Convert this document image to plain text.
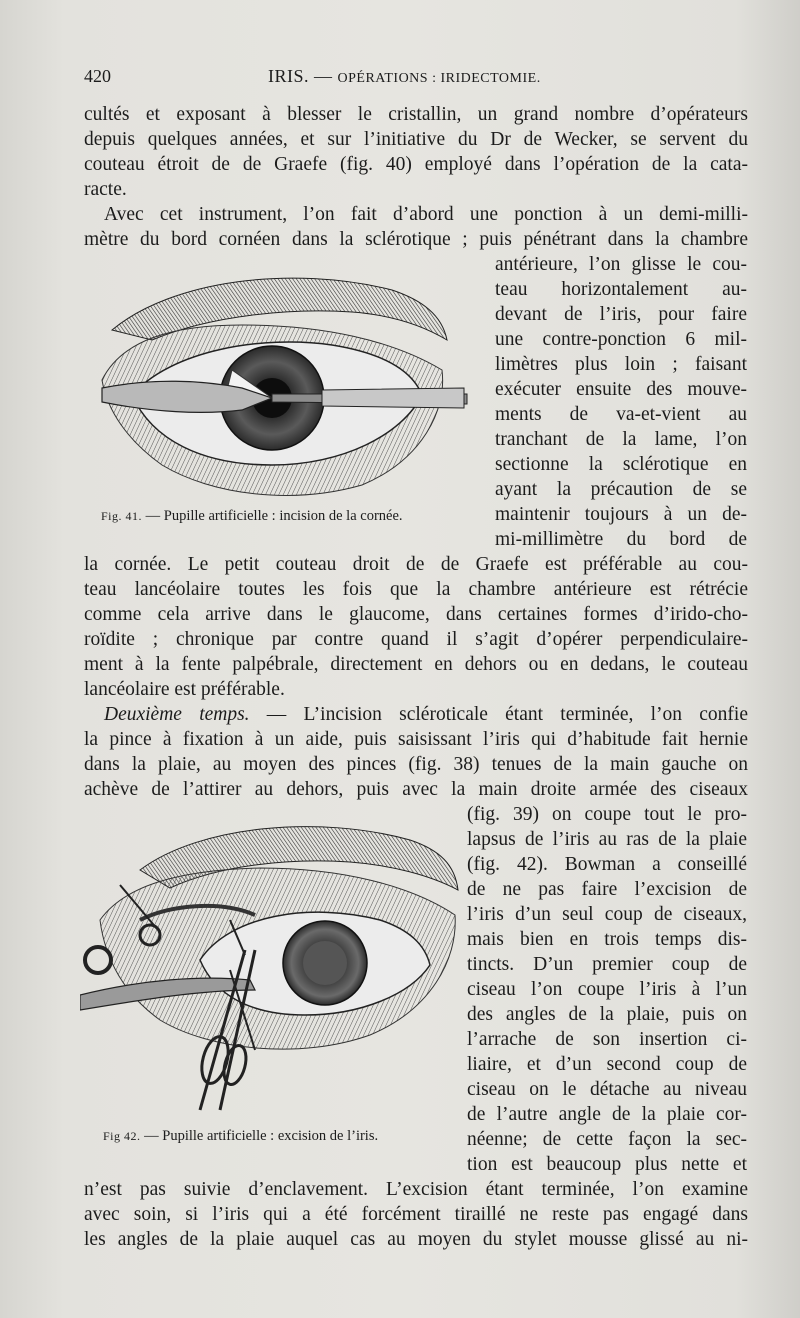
420	IRIS. — OPÉRATIONS : IRIDECTOMIE.
cultés et exposant à blesser le cristallin, un grand nombre d’opérateurs
depuis quelques années, et sur l’initiative du Dr de Wecker, se servent du
couteau étroit de de Graefe (fig. 40) employé dans l’opération de la cata-
racte.
Avec cet instrument, l’on fait d’abord une ponction à un demi-milli-
mètre du bord cornéen dans la sclérotique ; puis pénétrant dans la chambre
Fig. 41. — Pupille artificielle : incision de la cornée.
antérieure, l’on glisse le cou-
teau horizontalement au-
devant de l’iris, pour faire
une contre-ponction 6 mil-
limètres plus loin ; faisant
exécuter ensuite des mouve-
ments de va-et-vient au
tranchant de la lame, l’on
sectionne la sclérotique en
ayant la précaution de se
maintenir toujours à un de-
mi-millimètre du bord de
la cornée. Le petit couteau droit de de Graefe est préférable au cou-
teau lancéolaire toutes les fois que la chambre antérieure est rétrécie
comme cela arrive dans le glaucome, dans certaines formes d’irido-cho-
roïdite ; chronique par contre quand il s’agit d’opérer perpendiculaire-
ment à la fente palpébrale, directement en dehors ou en dedans, le couteau
lancéolaire est préférable.
Deuxième temps. — L’incision scléroticale étant terminée, l’on confie
la pince à fixation à un aide, puis saisissant l’iris qui d’habitude fait hernie
dans la plaie, au moyen des pinces (fig. 38) tenues de la main gauche on
achève de l’attirer au dehors, puis avec la main droite armée des ciseaux
Fig 42. — Pupille artificielle : excision de l’iris.
(fig. 39) on coupe tout le pro-
lapsus de l’iris au ras de la plaie
(fig. 42). Bowman a conseillé
de ne pas faire l’excision de
l’iris d’un seul coup de ciseaux,
mais bien en trois temps dis-
tincts. D’un premier coup de
ciseau l’on coupe l’iris à l’un
des angles de la plaie, puis on
l’arrache de son insertion ci-
liaire, et d’un second coup de
ciseau on le détache au niveau
de l’autre angle de la plaie cor-
néenne; de cette façon la sec-
tion est beaucoup plus nette et
n’est pas suivie d’enclavement. L’excision étant terminée, l’on examine
avec soin, si l’iris qui a été forcément tiraillé ne reste pas engagé dans
les angles de la plaie auquel cas au moyen du stylet mousse glissé au ni-
